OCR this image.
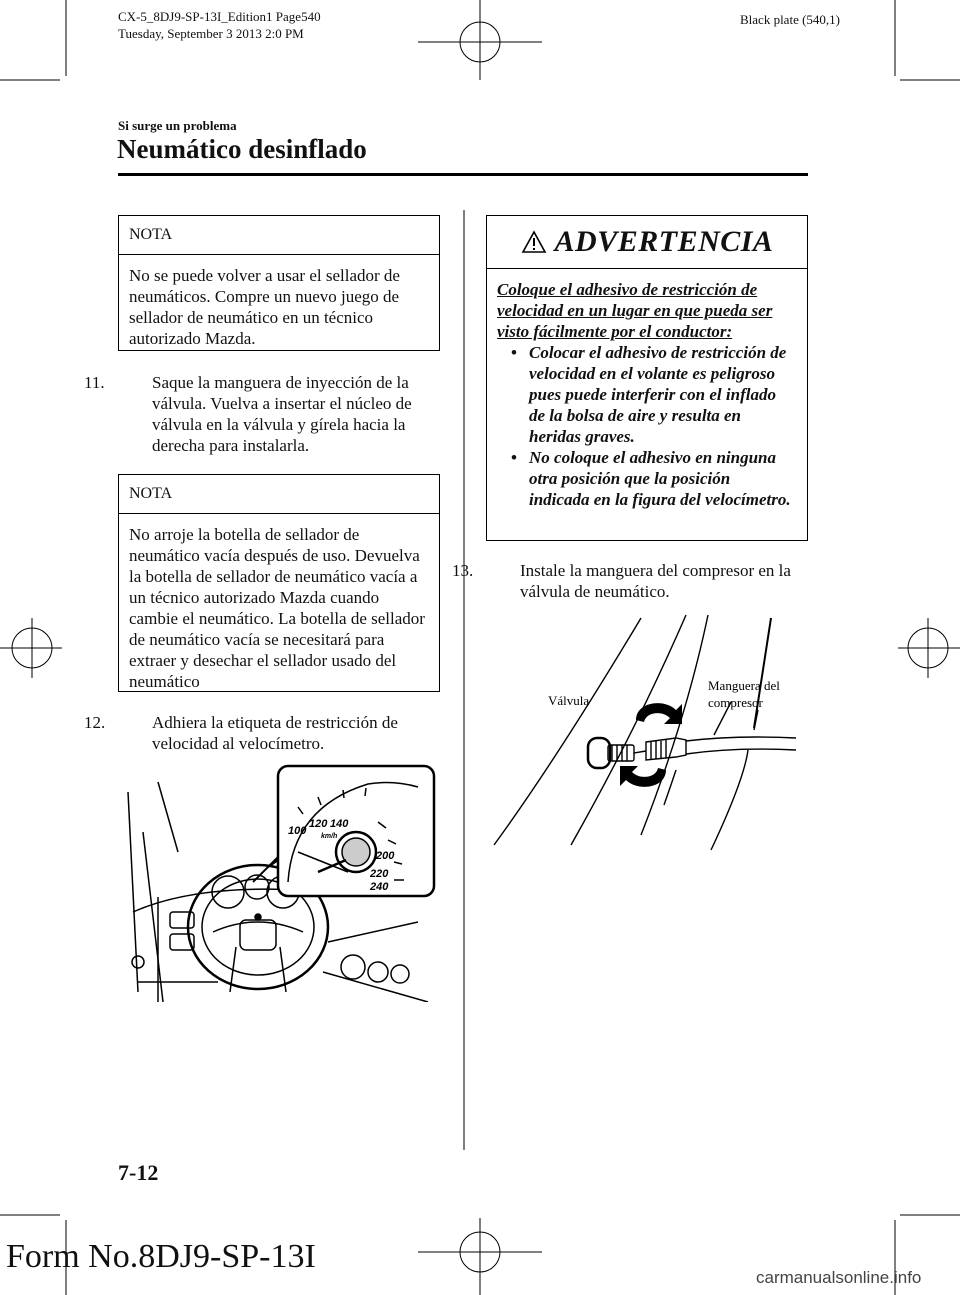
CX-5_8DJ9-SP-13I_Edition1 Page540
Tuesday, September 3 2013 2:0 PM
Black plate (540,1)
Si surge un problema
Neumático desinflado
NOTA
No se puede volver a usar el sellador de neumáticos. Compre un nuevo juego de sellador de neumático en un técnico autorizado Mazda.
11.	Saque la manguera de inyección de la válvula. Vuelva a insertar el núcleo de válvula en la válvula y gírela hacia la derecha para instalarla.
NOTA
No arroje la botella de sellador de neumático vacía después de uso. Devuelva la botella de sellador de neumático vacía a un técnico autorizado Mazda cuando cambie el neumático. La botella de sellador de neumático vacía se necesitará para extraer y desechar el sellador usado del neumático
12.	Adhiera la etiqueta de restricción de velocidad al velocímetro.
100
120 140
200
220
240
km/h
ADVERTENCIA
Coloque el adhesivo de restricción de velocidad en un lugar en que pueda ser visto fácilmente por el conductor:
• Colocar el adhesivo de restricción de velocidad en el volante es peligroso pues puede interferir con el inflado de la bolsa de aire y resulta en heridas graves.
• No coloque el adhesivo en ninguna otra posición que la posición indicada en la figura del velocímetro.
13.	Instale la manguera del compresor en la válvula de neumático.
Válvula
Manguera del
compresor
7-12
Form No.8DJ9-SP-13I
carmanualsonline.info
